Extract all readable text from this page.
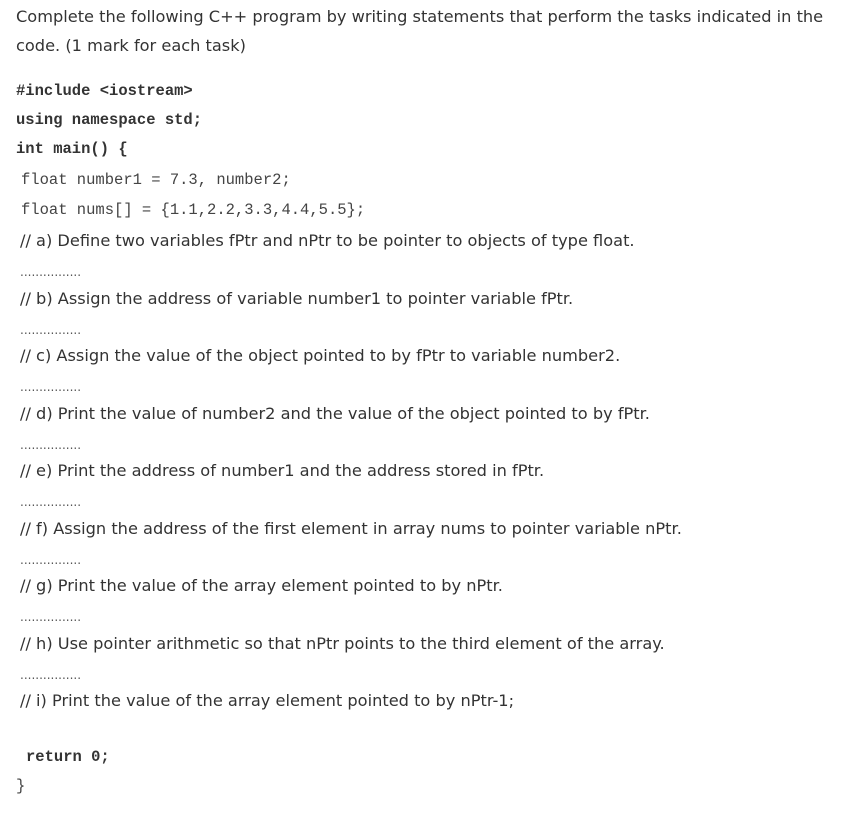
Complete the following C++ program by writing statements that perform the tasks indicated in the code. (1 mark for each task)
#include <iostream>
using namespace std;
int main() {
float number1 = 7.3, number2;
float nums[] = {1.1,2.2,3.3,4.4,5.5};
// a) Define two variables fPtr and nPtr to be pointer to objects of type float.
................
// b) Assign the address of variable number1 to pointer variable fPtr.
................
// c) Assign the value of the object pointed to by fPtr to variable number2.
................
// d) Print the value of number2 and the value of the object pointed to by fPtr.
................
// e) Print the address of number1 and the address stored in fPtr.
................
// f) Assign the address of the first element in array nums to pointer variable nPtr.
................
// g) Print the value of the array element pointed to by nPtr.
................
// h) Use pointer arithmetic so that nPtr points to the third element of the array.
................
// i) Print the value of the array element pointed to by nPtr-1;
return 0;
}
